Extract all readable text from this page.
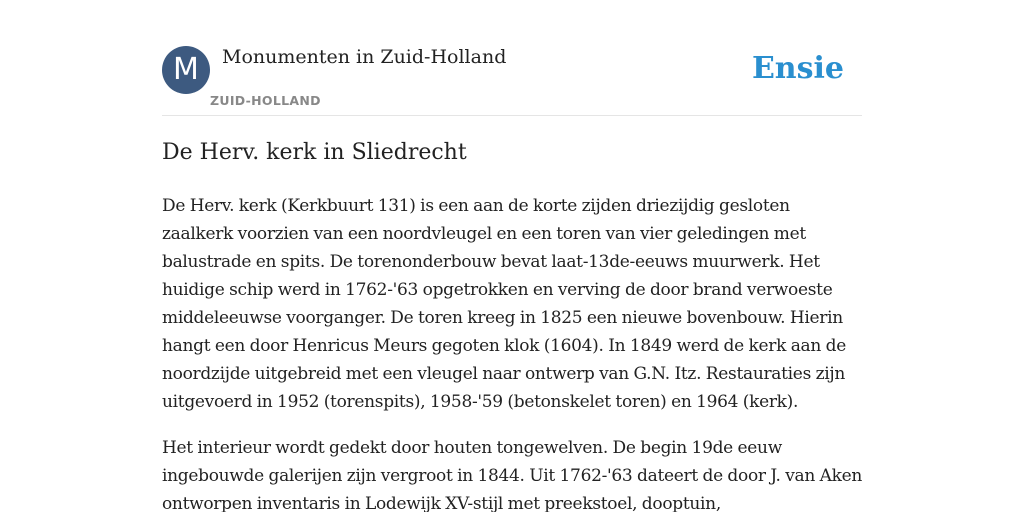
M	Monumenten in Zuid-Holland
ZUID-HOLLAND
Ensie
De Herv. kerk in Sliedrecht

De Herv. kerk (Kerkbuurt 131) is een aan de korte zijden driezijdig gesloten zaalkerk voorzien van een noordvleugel en een toren van vier geledingen met balustrade en spits. De torenonderbouw bevat laat-13de-eeuws muurwerk. Het huidige schip werd in 1762-'63 opgetrokken en verving de door brand verwoeste middeleeuwse voorganger. De toren kreeg in 1825 een nieuwe bovenbouw. Hierin hangt een door Henricus Meurs gegoten klok (1604). In 1849 werd de kerk aan de noordzijde uitgebreid met een vleugel naar ontwerp van G.N. Itz. Restauraties zijn uitgevoerd in 1952 (torenspits), 1958-'59 (betonskelet toren) en 1964 (kerk).

Het interieur wordt gedekt door houten tongewelven. De begin 19de eeuw ingebouwde galerijen zijn vergroot in 1844. Uit 1762-'63 dateert de door J. van Aken ontworpen inventaris in Lodewijk XV-stijl met preekstoel, dooptuin,
